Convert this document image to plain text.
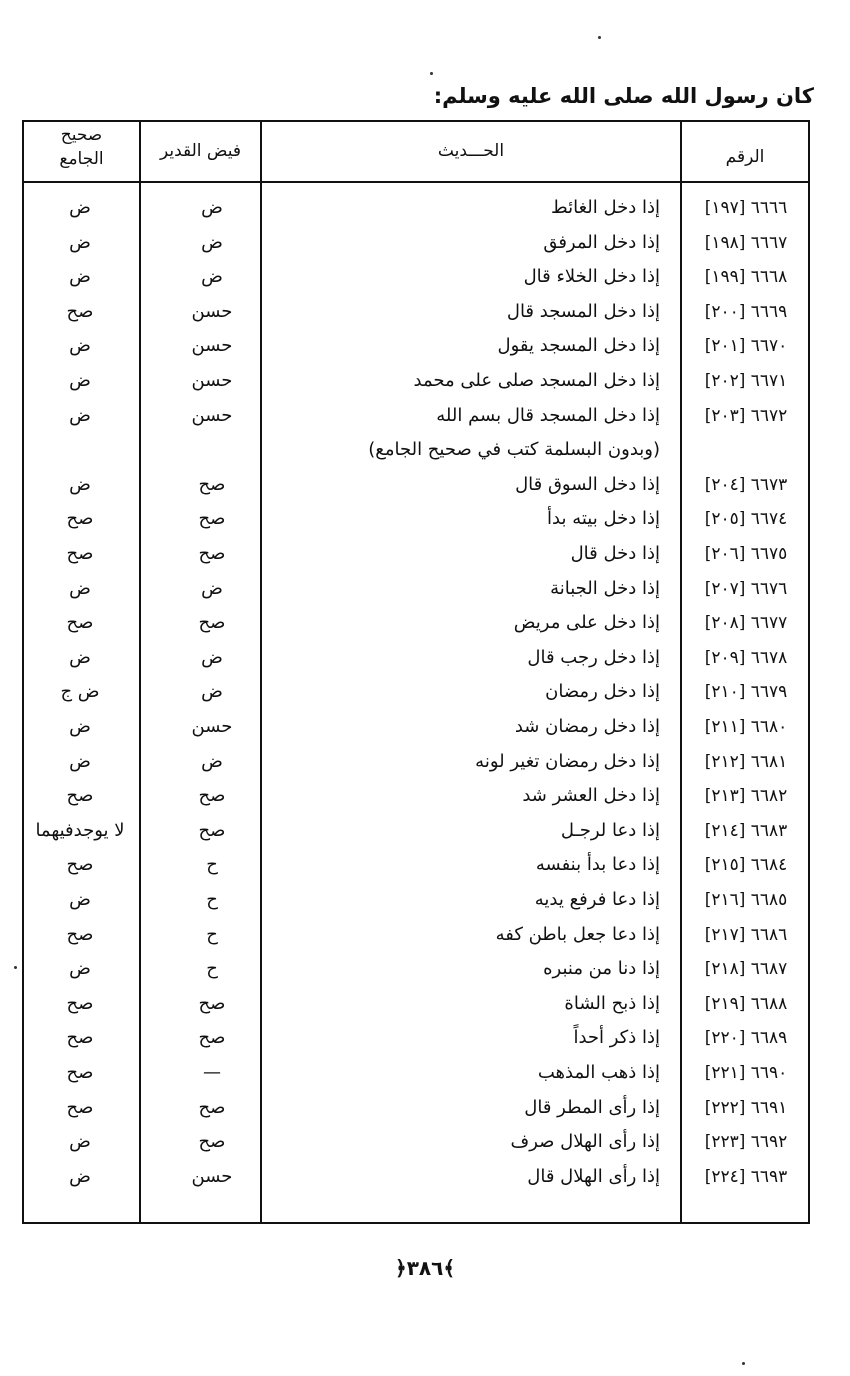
كان رسول الله صلى الله عليه وسلم:
الرقم
الحـــديث
فيض القدير
صحيح
الجامع
٦٦٦٦ [١٩٧]
إذا دخل الغائط
ض
ض
٦٦٦٧ [١٩٨]
إذا دخل المرفق
ض
ض
٦٦٦٨ [١٩٩]
إذا دخل الخلاء قال
ض
ض
٦٦٦٩ [٢٠٠]
إذا دخل المسجد قال
حسن
صح
٦٦٧٠ [٢٠١]
إذا دخل المسجد يقول
حسن
ض
٦٦٧١ [٢٠٢]
إذا دخل المسجد صلى على محمد
حسن
ض
٦٦٧٢ [٢٠٣]
إذا دخل المسجد قال بسم الله
حسن
ض
(وبدون البسلمة كتب في صحيح الجامع)
٦٦٧٣ [٢٠٤]
إذا دخل السوق قال
صح
ض
٦٦٧٤ [٢٠٥]
إذا دخل بيته بدأ
صح
صح
٦٦٧٥ [٢٠٦]
إذا دخل قال
صح
صح
٦٦٧٦ [٢٠٧]
إذا دخل الجبانة
ض
ض
٦٦٧٧ [٢٠٨]
إذا دخل على مريض
صح
صح
٦٦٧٨ [٢٠٩]
إذا دخل رجب قال
ض
ض
٦٦٧٩ [٢١٠]
إذا دخل رمضان
ض
ض ج
٦٦٨٠ [٢١١]
إذا دخل رمضان شد
حسن
ض
٦٦٨١ [٢١٢]
إذا دخل رمضان تغير لونه
ض
ض
٦٦٨٢ [٢١٣]
إذا دخل العشر شد
صح
صح
٦٦٨٣ [٢١٤]
إذا دعا لرجـل
صح
لا يوجدفيهما
٦٦٨٤ [٢١٥]
إذا دعا بدأ بنفسه
ح
صح
٦٦٨٥ [٢١٦]
إذا دعا فرفع يديه
ح
ض
٦٦٨٦ [٢١٧]
إذا دعا جعل باطن كفه
ح
صح
٦٦٨٧ [٢١٨]
إذا دنا من منبره
ح
ض
٦٦٨٨ [٢١٩]
إذا ذبح الشاة
صح
صح
٦٦٨٩ [٢٢٠]
إذا ذكر أحداً
صح
صح
٦٦٩٠ [٢٢١]
إذا ذهب المذهب
—
صح
٦٦٩١ [٢٢٢]
إذا رأى المطر قال
صح
صح
٦٦٩٢ [٢٢٣]
إذا رأى الهلال صرف
صح
ض
٦٦٩٣ [٢٢٤]
إذا رأى الهلال قال
حسن
ض
﴿٣٨٦﴾
